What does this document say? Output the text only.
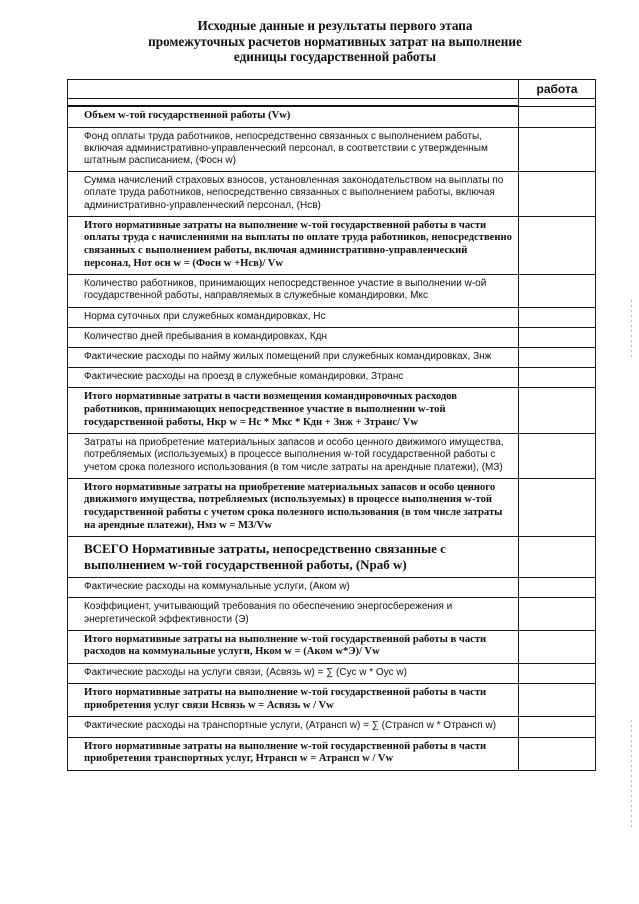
Исходные данные и результаты первого этапа
промежуточных расчетов нормативных затрат на выполнение
единицы государственной работы
	работа

Объем w-той государственной работы (Vw)	

Фонд оплаты труда работников, непосредственно связанных с выполнением работы, включая административно-управленческий персонал, в соответствии с утвержденным штатным расписанием, (Фосн w)	

Сумма начислений страховых взносов, установленная законодательством на выплаты по оплате труда работников, непосредственно связанных с выполнением работы, включая административно-управленческий персонал, (Нсв)	

Итого нормативные затраты на выполнение w-той государственной работы в части оплаты труда с начислениями на выплаты по оплате труда работников, непосредственно связанных с выполнением работы, включая административно-управленческий персонал, Нот осн w = (Фосн w +Нсв)/ Vw	

Количество работников, принимающих непосредственное участие в выполнении w-ой государственной работы, направляемых в служебные командировки, Мкс	

Норма суточных при служебных командировках, Нс	

Количество дней пребывания в командировках, Кдн	

Фактические расходы по найму жилых помещений при служебных командировках, Знж	

Фактические расходы на проезд в служебные командировки, Зтранс	

Итого нормативные затраты в части возмещения командировочных расходов работников, принимающих непосредственное участие в выполнении w-той государственной работы, Нкр w = Нс * Мкс * Кдн + Знж + Зтранс/ Vw	

Затраты на приобретение материальных запасов и особо ценного движимого имущества, потребляемых (используемых) в процессе выполнения w-той государственной работы с учетом срока полезного использования (в том числе затраты на арендные платежи), (МЗ)	

Итого нормативные затраты на приобретение материальных запасов и особо ценного движимого имущества, потребляемых (используемых) в процессе выполнения w-той государственной работы с учетом срока полезного использования (в том числе затраты на арендные платежи), Нмз w = МЗ/Vw	

ВСЕГО Нормативные затраты, непосредственно связанные с выполнением w-той государственной работы, (Nраб w)	

Фактические расходы на коммунальные услуги, (Аком w)	

Коэффициент, учитывающий требования по обеспечению энергосбережения и энергетической эффективности (Э)	

Итого нормативные затраты на выполнение w-той государственной работы в части расходов на коммунальные услуги, Нком w = (Аком w*Э)/ Vw	

Фактические расходы на услуги связи, (Асвязь w) = ∑ (Сус w * Оус w)	

Итого нормативные затраты на выполнение w-той государственной работы в части приобретения услуг связи Нсвязь w = Асвязь w / Vw	

Фактические расходы на транспортные услуги, (Атрансп w) = ∑ (Странсп w * Отрансп w)	

Итого нормативные затраты на выполнение w-той государственной работы в части приобретения транспортных услуг, Нтрансп w = Атрансп w / Vw	
